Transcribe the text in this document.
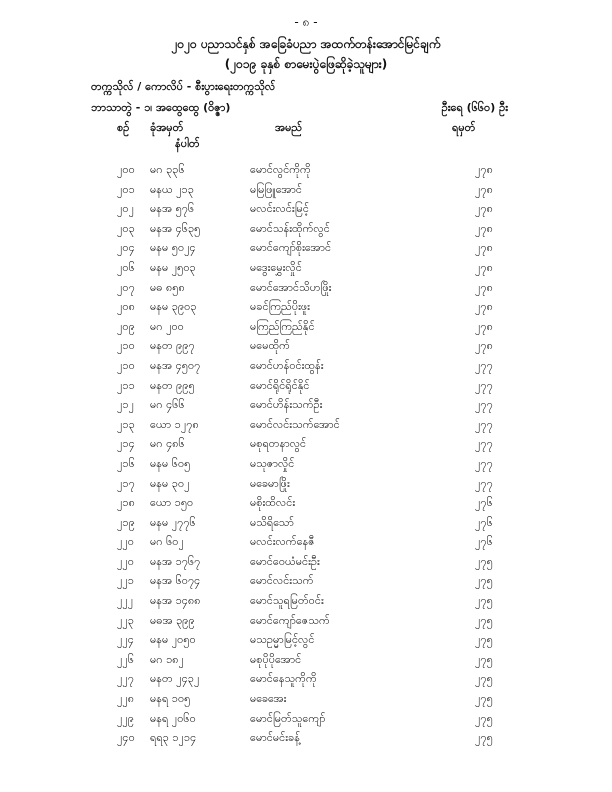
- ၈ -
၂၀၂၀ ပညာသင်နှစ် အခြေခံပညာ အထက်တန်းအောင်မြင်ချက်
(၂၀၁၉ ခုနှစ် စာမေးပွဲဖြေဆိုခဲ့သူများ)
တက္ကသိုလ် / ကောလိပ် - စီးပွားရေးတက္ကသိုလ်
ဘာသာတွဲ - ၁၊ အထွေထွေ (ဝိဇ္ဇာ)	ဦးရေ (၆၆၀) ဦး
စဉ် ခုံအမှတ်
နံပါတ်
အမည်	ရမှတ်
၂၀၀ မဂ ၃၃၆	မောင်လွင်ကိုကို	၂၇၈
၂၀၁ မနယ ၂၁၃	မမြဖြူအောင်	၂၇၈
၂၀၂ မနအ ၅၇၆	မလင်းလင်းမြင့်	၂၇၈
၂၀၃ မနအ ၄၆၃၅	မောင်သန်းထိုက်လွင်	၂၇၈
၂၀၄ မနမ ၅၀၂၄	မောင်ကျော်စိုးအောင်	၂၇၈
၂၀၆ မနမ ၂၅၀၃	မဒွေးမွှေးလှိုင်	၂၇၈
၂၀၇ မဓ ၈၅၈	မောင်အောင်သိဟဖြိုး	၂၇၈
၂၀၈ မနမ ၃၉၀၃	မခင်ကြည်ပိုးဖူး	၂၇၈
၂၀၉ မဂ ၂၀၀	မကြည်ကြည်နိုင်	၂၇၈
၂၁၀ မနတ ၉၉၇	မမေထိုက်	၂၇၈
၂၁၀ မနအ ၄၅၀၇	မောင်ဟန်ဝင်းထွန်း	၂၇၇
၂၁၁ မနတ ၉၉၅	မောင်ရိုင်ရိုင်နိုင်	၂၇၇
၂၁၂ မဂ ၄၆၆	မောင်ဟိန်းသက်ဦး	၂၇၇
၂၁၃ ယော ၁၂၇၈	မောင်လင်းသက်အောင်	၂၇၇
၂၁၄ မဂ ၄၈၆	မစုရတနာလွင်	၂၇၇
၂၁၆ မနမ ၆၀၅	မသုဇာလှိုင်	၂၇၇
၂၁၇ မနမ ၃၀၂	မခေမာဖြိုး	၂၇၇
၂၁၈ ယော ၁၅၀	မစိုးထိလင်း	၂၇၆
၂၁၉ မနမ ၂၇၇၆	မသိရိသော်	၂၇၆
၂၂၀ မဂ ၆၀၂	မလင်းလက်နေဇီ	၂၇၆
၂၂၀ မနအ ၁၇၆၇	မောင်ဝေယံမင်းဦး	၂၇၅
၂၂၁ မနအ ၆၀၇၄	မောင်လင်းသက်	၂၇၅
၂၂၂ မနအ ၁၄၈၈	မောင်သူရမြတ်ဝင်း	၂၇၅
၂၂၃ မဓအ ၃၉၉	မောင်ကျော်ဇေသက်	၂၇၅
၂၂၄ မနမ ၂၀၅၀	မသဥမ္မာမြင့်လွင်	၂၇၅
၂၂၆ မဂ ၁၈၂	မစုပိုပိုအောင်	၂၇၅
၂၂၇ မနတ ၂၄၃၂	မောင်နေသူကိုကို	၂၇၅
၂၂၈ မနရ ၁၀၅	မခေအေး	၂၇၅
၂၂၉ မနရ ၂၀၆၀	မောင်မြတ်သူကျော်	၂၇၅
၂၄၀ ရရ၃ ၁၂၁၄	မောင်မင်းခန့်	၂၇၅
